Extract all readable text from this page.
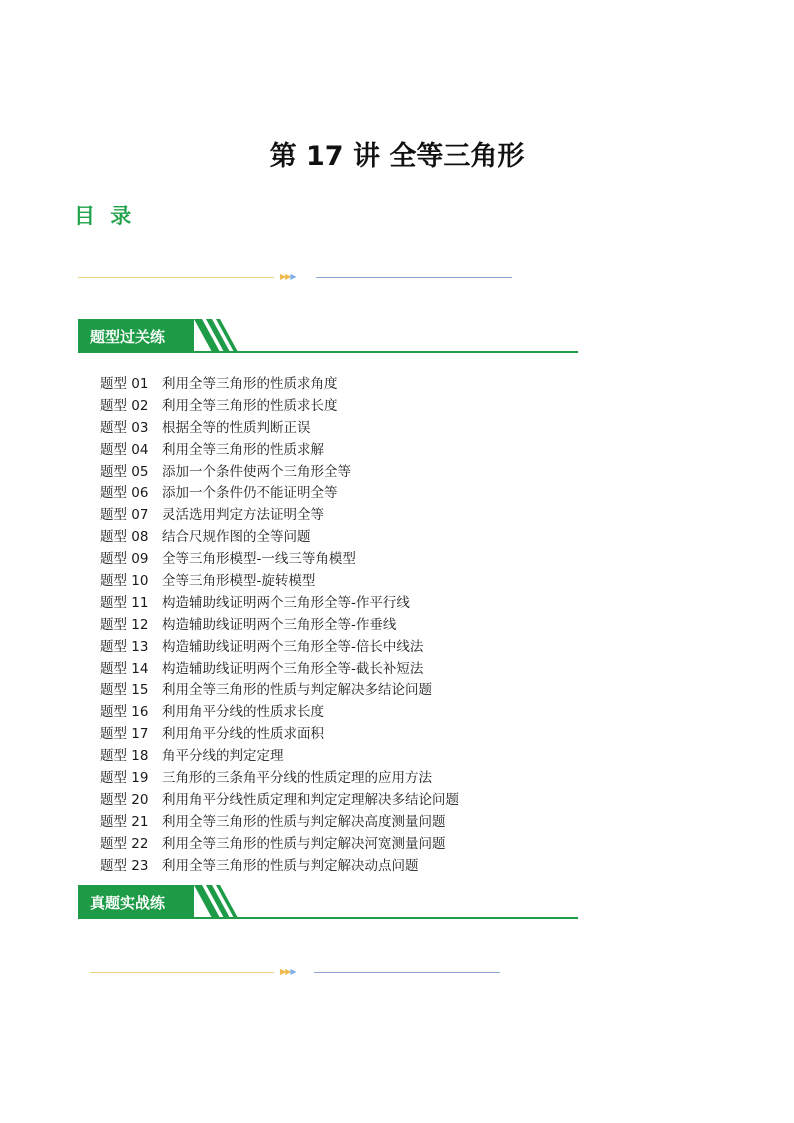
第 17 讲 全等三角形
目 录
▶▶▶
题型过关练
题型 01 利用全等三角形的性质求角度
题型 02 利用全等三角形的性质求长度
题型 03 根据全等的性质判断正误
题型 04 利用全等三角形的性质求解
题型 05 添加一个条件使两个三角形全等
题型 06 添加一个条件仍不能证明全等
题型 07 灵活选用判定方法证明全等
题型 08 结合尺规作图的全等问题
题型 09 全等三角形模型-一线三等角模型
题型 10 全等三角形模型-旋转模型
题型 11 构造辅助线证明两个三角形全等-作平行线
题型 12 构造辅助线证明两个三角形全等-作垂线
题型 13 构造辅助线证明两个三角形全等-倍长中线法
题型 14 构造辅助线证明两个三角形全等-截长补短法
题型 15 利用全等三角形的性质与判定解决多结论问题
题型 16 利用角平分线的性质求长度
题型 17 利用角平分线的性质求面积
题型 18 角平分线的判定定理
题型 19 三角形的三条角平分线的性质定理的应用方法
题型 20 利用角平分线性质定理和判定定理解决多结论问题
题型 21 利用全等三角形的性质与判定解决高度测量问题
题型 22 利用全等三角形的性质与判定解决河宽测量问题
题型 23 利用全等三角形的性质与判定解决动点问题
真题实战练
▶▶▶
